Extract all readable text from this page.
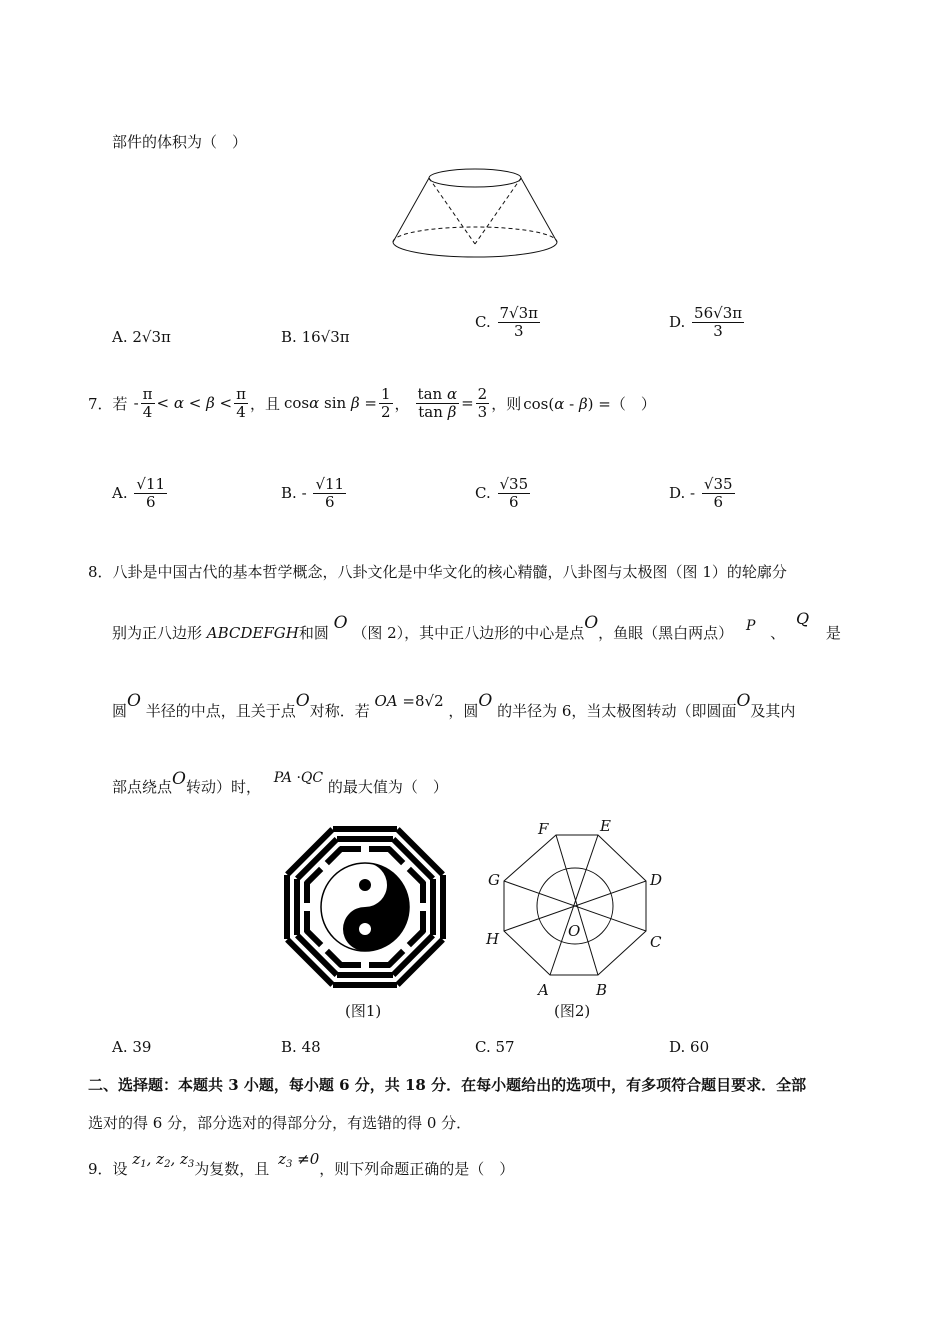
部件的体积为（　）
A. 2√3π	B. 16√3π
C. $\frac{7√3\pi}{3}$	D. $\frac{56√3\pi}{3}$
7． 若 - $\frac{\pi}{4} < \alpha < \beta < \frac{\pi}{4}$ ，且 cosα $\sin \beta = \frac{1}{2}$ ， $\frac{\text{tan α}}{\text{tan β}} = \frac{2}{3}$ ，则 cos(α - β) = （　）
A. $\frac{√11}{6}$	B. - $\frac{√11}{6}$	C. $\frac{√35}{6}$	D. - $\frac{√35}{6}$
8．八卦是中国古代的基本哲学概念，八卦文化是中华文化的核心精髓，八卦图与太极图（图 1）的轮廓分
别为正八边形 ABCDEFGH和圆 O （图 2），其中正八边形的中心是点O，鱼眼（黑白两点） P 、 Q 是
圆O 半径的中点，且关于点O对称．若 OA =8√2 ，圆O 的半径为 6，当太极图转动（即圆面O及其内
部点绕点O转动）时， PA ·QC 的最大值为（　）
(图1)
A	B
C
D
E
F
G
H	O
(图2)
A. 39	B. 48	C. 57	D. 60
二、选择题：本题共 3 小题，每小题 6 分，共 18 分．在每小题给出的选项中，有多项符合题目要求．全部
选对的得 6 分，部分选对的得部分分，有选错的得 0 分．
9．设 $z_1$, $z_2$, $z_3$为复数，且 $z_3 \ne 0$，则下列命题正确的是（　）
